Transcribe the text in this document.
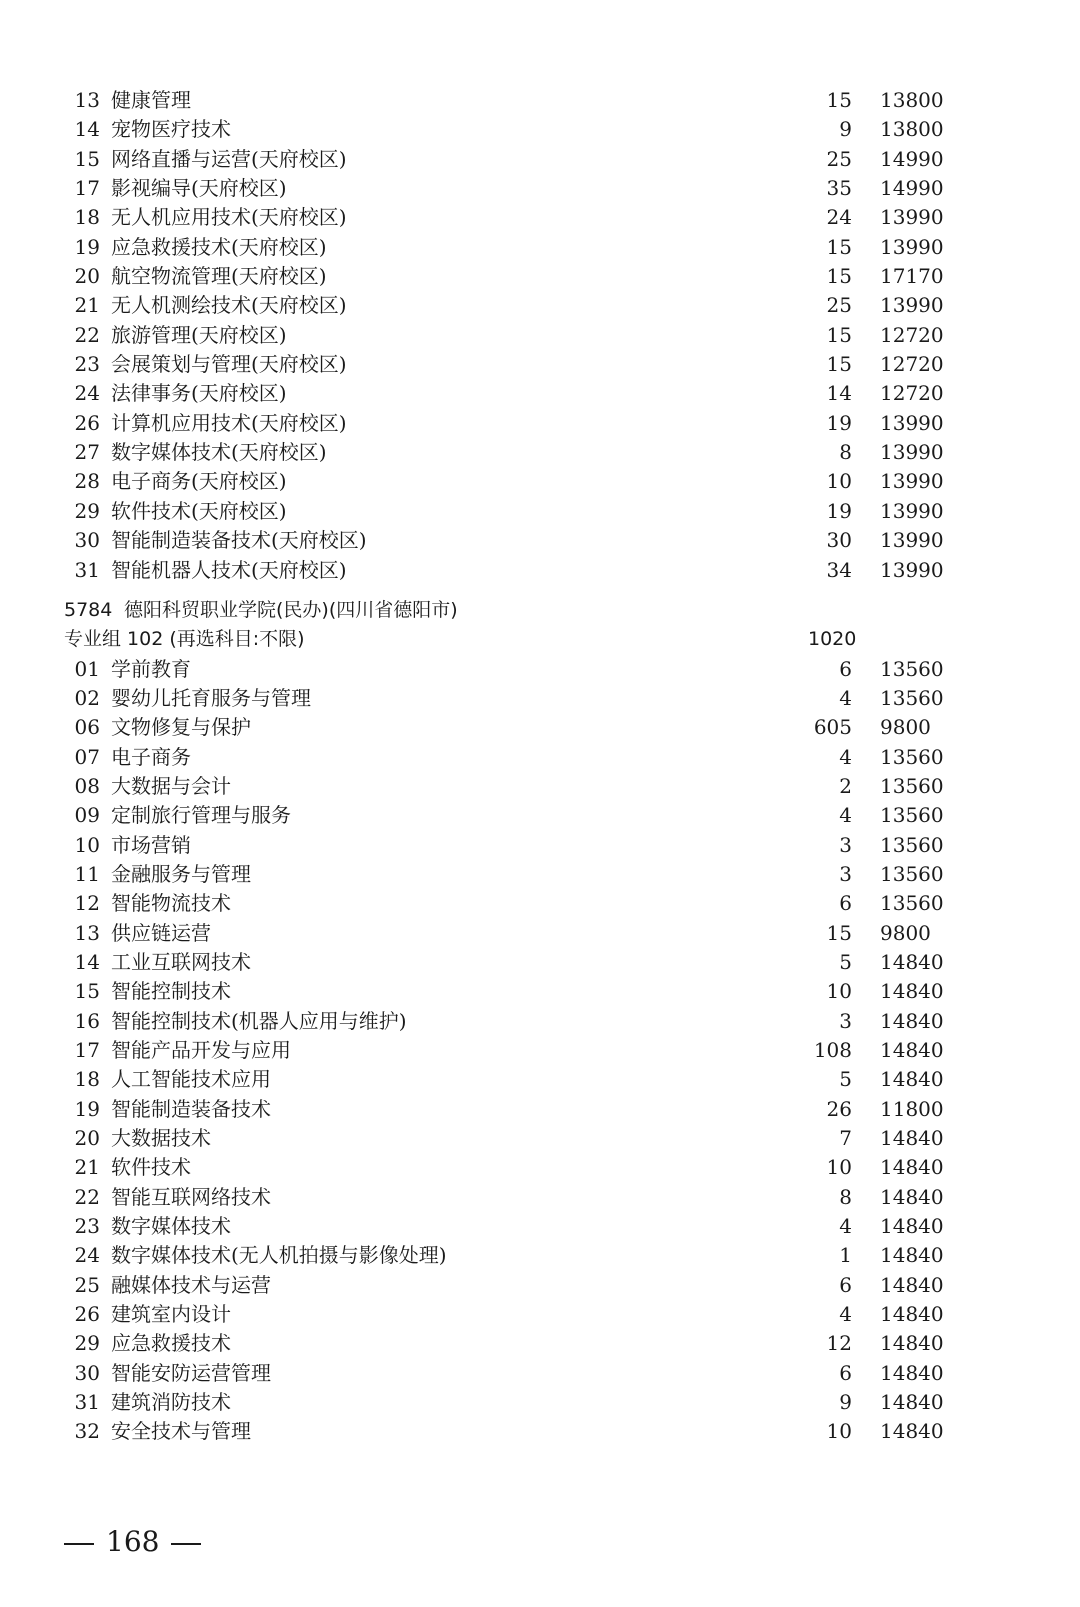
13 健康管理	15 13800
14 宠物医疗技术	9 13800
15 网络直播与运营(天府校区)	25 14990
17 影视编导(天府校区)	35 14990
18 无人机应用技术(天府校区)	24 13990
19 应急救援技术(天府校区)	15 13990
20 航空物流管理(天府校区)	15 17170
21 无人机测绘技术(天府校区)	25 13990
22 旅游管理(天府校区)	15 12720
23 会展策划与管理(天府校区)	15 12720
24 法律事务(天府校区)	14 12720
26 计算机应用技术(天府校区)	19 13990
27 数字媒体技术(天府校区)	8 13990
28 电子商务(天府校区)	10 13990
29 软件技术(天府校区)	19 13990
30 智能制造装备技术(天府校区)	30 13990
31 智能机器人技术(天府校区)	34 13990
5784 德阳科贸职业学院(民办)(四川省德阳市)
专业组 102 (再选科目:不限)	1020
01 学前教育	6 13560
02 婴幼儿托育服务与管理	4 13560
06 文物修复与保护	605 9800
07 电子商务	4 13560
08 大数据与会计	2 13560
09 定制旅行管理与服务	4 13560
10 市场营销	3 13560
11 金融服务与管理	3 13560
12 智能物流技术	6 13560
13 供应链运营	15 9800
14 工业互联网技术	5 14840
15 智能控制技术	10 14840
16 智能控制技术(机器人应用与维护)	3 14840
17 智能产品开发与应用	108 14840
18 人工智能技术应用	5 14840
19 智能制造装备技术	26 11800
20 大数据技术	7 14840
21 软件技术	10 14840
22 智能互联网络技术	8 14840
23 数字媒体技术	4 14840
24 数字媒体技术(无人机拍摄与影像处理)	1 14840
25 融媒体技术与运营	6 14840
26 建筑室内设计	4 14840
29 应急救援技术	12 14840
30 智能安防运营管理	6 14840
31 建筑消防技术	9 14840
32 安全技术与管理	10 14840
168
